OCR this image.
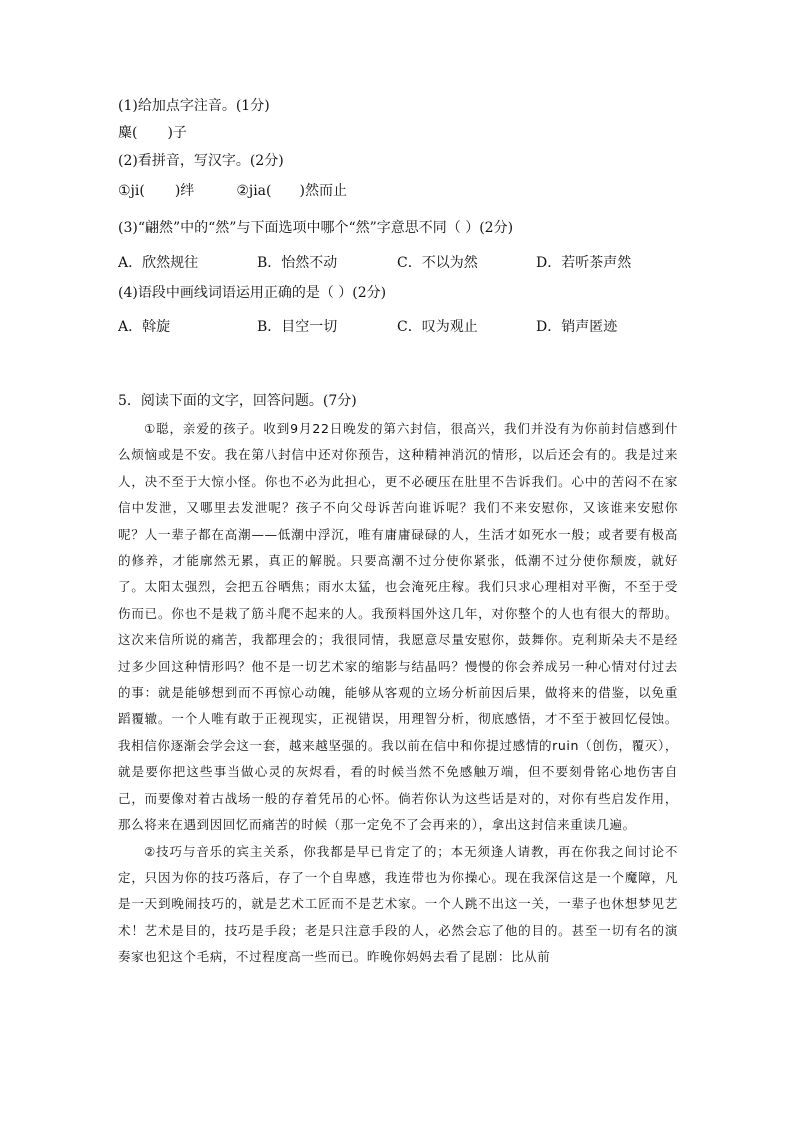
(1)给加点字注音。(1分)
麋( )子
(2)看拼音，写汉字。(2分)
①ji( )绊	②jia( )然而止
(3)“翩然”中的“然”与下面选项中哪个“然”字意思不同（ ）(2分)
A．欣然规往	B．怡然不动	C．不以为然	D．若听茶声然
(4)语段中画线词语运用正确的是（ ）(2分)
A．斡旋	B．目空一切	C．叹为观止	D．销声匿迹
5．阅读下面的文字，回答问题。(7分)

①聪，亲爱的孩子。收到9月22日晚发的第六封信，很高兴，我们并没有为你前封信感到什么烦恼或是不安。我在第八封信中还对你预告，这种精神消沉的情形，以后还会有的。我是过来人，决不至于大惊小怪。你也不必为此担心，更不必硬压在肚里不告诉我们。心中的苦闷不在家信中发泄，又哪里去发泄呢？孩子不向父母诉苦向谁诉呢？我们不来安慰你，又该谁来安慰你呢？人一辈子都在高潮——低潮中浮沉，唯有庸庸碌碌的人，生活才如死水一般；或者要有极高的修养，才能廓然无累，真正的解脱。只要高潮不过分使你紧张，低潮不过分使你颓废，就好了。太阳太强烈，会把五谷晒焦；雨水太猛，也会淹死庄稼。我们只求心理相对平衡，不至于受伤而已。你也不是栽了筋斗爬不起来的人。我预料国外这几年，对你整个的人也有很大的帮助。这次来信所说的痛苦，我都理会的；我很同情，我愿意尽量安慰你，鼓舞你。克利斯朵夫不是经过多少回这种情形吗？他不是一切艺术家的缩影与结晶吗？慢慢的你会养成另一种心情对付过去的事：就是能够想到而不再惊心动魄，能够从客观的立场分析前因后果，做将来的借鉴，以免重蹈覆辙。一个人唯有敢于正视现实，正视错误，用理智分析，彻底感悟，才不至于被回忆侵蚀。我相信你逐渐会学会这一套，越来越坚强的。我以前在信中和你提过感情的ruin（创伤，覆灭），就是要你把这些事当做心灵的灰烬看，看的时候当然不免感触万端，但不要刻骨铭心地伤害自己，而要像对着古战场一般的存着凭吊的心怀。倘若你认为这些话是对的，对你有些启发作用，那么将来在遇到因回忆而痛苦的时候（那一定免不了会再来的），拿出这封信来重读几遍。

②技巧与音乐的宾主关系，你我都是早已肯定了的；本无须逢人请教，再在你我之间讨论不定，只因为你的技巧落后，存了一个自卑感，我连带也为你操心。现在我深信这是一个魔障，凡是一天到晚闹技巧的，就是艺术工匠而不是艺术家。一个人跳不出这一关，一辈子也休想梦见艺术！艺术是目的，技巧是手段；老是只注意手段的人，必然会忘了他的目的。甚至一切有名的演奏家也犯这个毛病，不过程度高一些而已。昨晚你妈妈去看了昆剧：比从前
